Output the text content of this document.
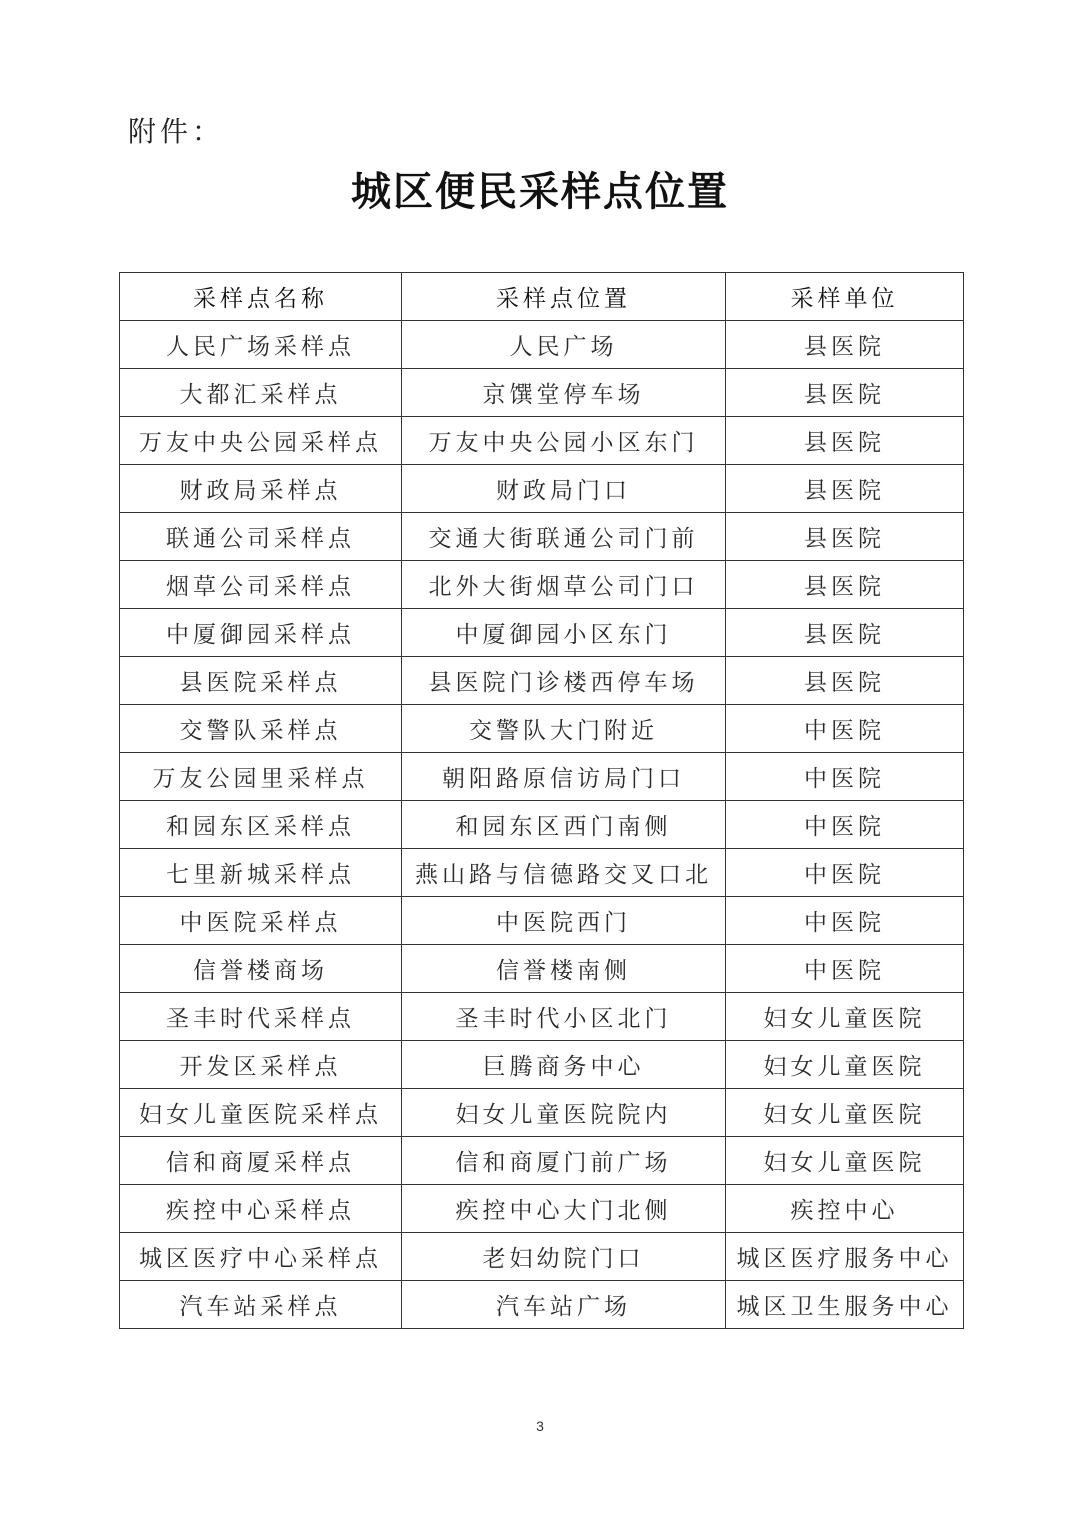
附件：
城区便民采样点位置
采样点名称	采样点位置	采样单位
人民广场采样点	人民广场	县医院
大都汇采样点	京馔堂停车场	县医院
万友中央公园采样点	万友中央公园小区东门	县医院
财政局采样点	财政局门口	县医院
联通公司采样点	交通大街联通公司门前	县医院
烟草公司采样点	北外大街烟草公司门口	县医院
中厦御园采样点	中厦御园小区东门	县医院
县医院采样点	县医院门诊楼西停车场	县医院
交警队采样点	交警队大门附近	中医院
万友公园里采样点	朝阳路原信访局门口	中医院
和园东区采样点	和园东区西门南侧	中医院
七里新城采样点	燕山路与信德路交叉口北	中医院
中医院采样点	中医院西门	中医院
信誉楼商场	信誉楼南侧	中医院
圣丰时代采样点	圣丰时代小区北门	妇女儿童医院
开发区采样点	巨腾商务中心	妇女儿童医院
妇女儿童医院采样点	妇女儿童医院院内	妇女儿童医院
信和商厦采样点	信和商厦门前广场	妇女儿童医院
疾控中心采样点	疾控中心大门北侧	疾控中心
城区医疗中心采样点	老妇幼院门口	城区医疗服务中心
汽车站采样点	汽车站广场	城区卫生服务中心
3
